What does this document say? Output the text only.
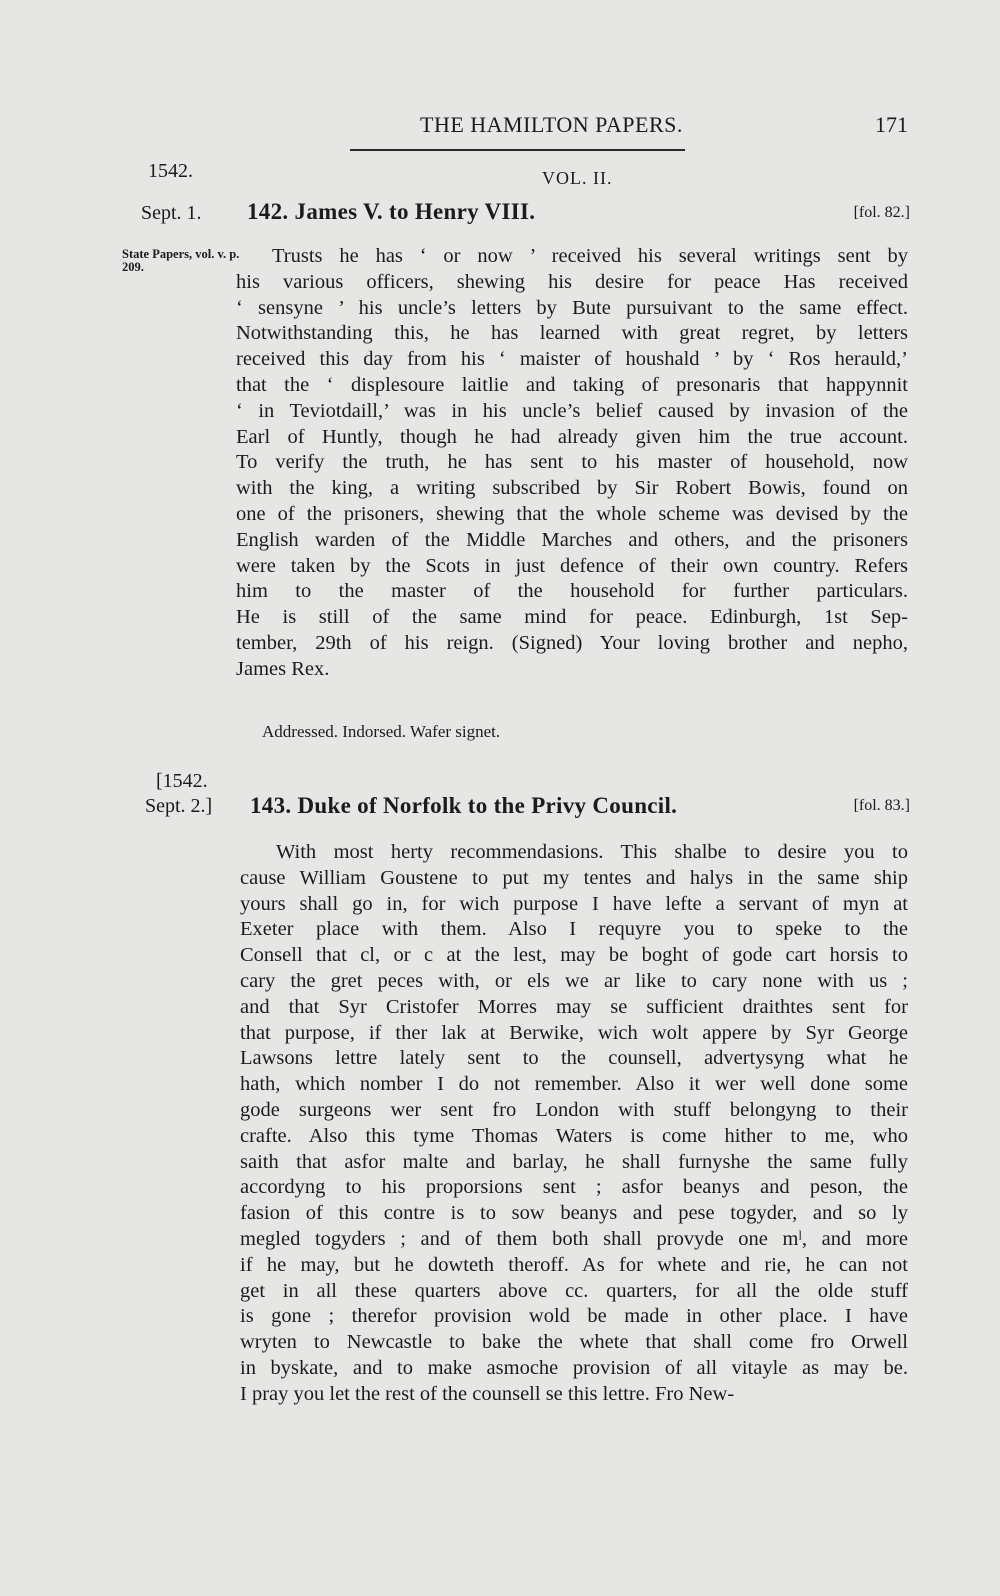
THE HAMILTON PAPERS.	171
1542.	VOL. II.
Sept. 1. 142. James V. to Henry VIII.	[fol. 82.]
State Papers, vol. v. p. 209.	Trusts he has ‘ or now ’ received his several writings sent by
his various officers, shewing his desire for peace Has received
‘ sensyne ’ his uncle’s letters by Bute pursuivant to the same effect.
Notwithstanding this, he has learned with great regret, by letters
received this day from his ‘ maister of houshald ’ by ‘ Ros herauld,’
that the ‘ displesoure laitlie and taking of presonaris that happynnit
‘ in Teviotdaill,’ was in his uncle’s belief caused by invasion of the
Earl of Huntly, though he had already given him the true account.
To verify the truth, he has sent to his master of household, now
with the king, a writing subscribed by Sir Robert Bowis, found on
one of the prisoners, shewing that the whole scheme was devised by the
English warden of the Middle Marches and others, and the prisoners
were taken by the Scots in just defence of their own country. Refers
him to the master of the household for further particulars.
He is still of the same mind for peace. Edinburgh, 1st Sep-
tember, 29th of his reign. (Signed) Your loving brother and nepho,
James Rex.
Addressed. Indorsed. Wafer signet.
[1542.
Sept. 2.] 143. Duke of Norfolk to the Privy Council.	[fol. 83.]
With most herty recommendasions. This shalbe to desire you to
cause William Goustene to put my tentes and halys in the same ship
yours shall go in, for wich purpose I have lefte a servant of myn at
Exeter place with them. Also I requyre you to speke to the
Consell that cl, or c at the lest, may be boght of gode cart horsis to
cary the gret peces with, or els we ar like to cary none with us ;
and that Syr Cristofer Morres may se sufficient draithtes sent for
that purpose, if ther lak at Berwike, wich wolt appere by Syr George
Lawsons lettre lately sent to the counsell, advertysyng what he
hath, which nomber I do not remember. Also it wer well done some
gode surgeons wer sent fro London with stuff belongyng to their
crafte. Also this tyme Thomas Waters is come hither to me, who
saith that asfor malte and barlay, he shall furnyshe the same fully
accordyng to his proporsions sent ; asfor beanys and peson, the
fasion of this contre is to sow beanys and pese togyder, and so ly
megled togyders ; and of them both shall provyde one mˡ, and more
if he may, but he dowteth theroff. As for whete and rie, he can not
get in all these quarters above cc. quarters, for all the olde stuff
is gone ; therefor provision wold be made in other place. I have
wryten to Newcastle to bake the whete that shall come fro Orwell
in byskate, and to make asmoche provision of all vitayle as may be.
I pray you let the rest of the counsell se this lettre. Fro New-
